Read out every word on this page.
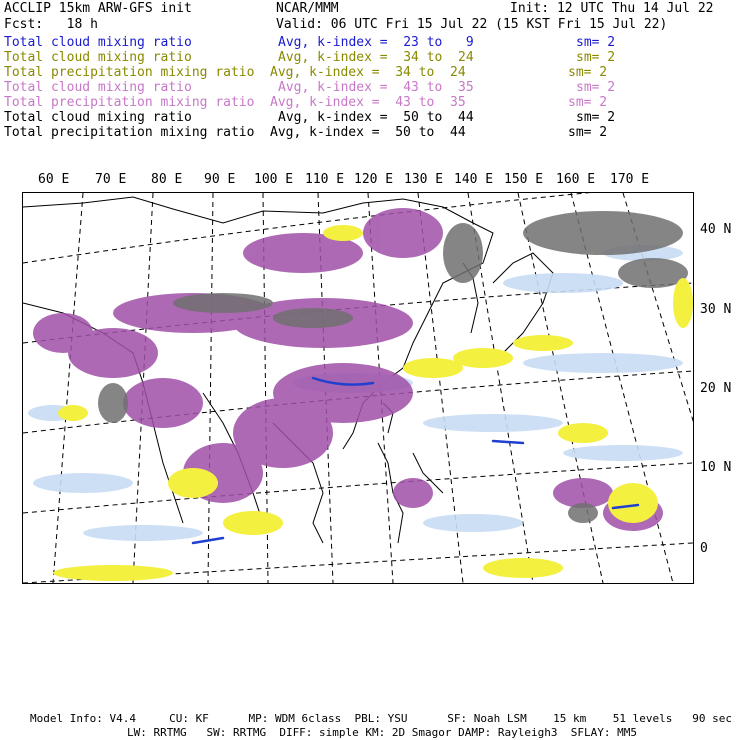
ACCLIP 15km ARW-GFS init	NCAR/MMM	Init: 12 UTC Thu 14 Jul 22
Fcst:   18 h	Valid: 06 UTC Fri 15 Jul 22 (15 KST Fri 15 Jul 22)
Total cloud mixing ratio	Avg, k-index =  23 to   9	sm= 2
Total cloud mixing ratio	Avg, k-index =  34 to  24	sm= 2
Total precipitation mixing ratio Avg, k-index =  34 to  24	sm= 2
Total cloud mixing ratio	Avg, k-index =  43 to  35	sm= 2
Total precipitation mixing ratio Avg, k-index =  43 to  35	sm= 2
Total cloud mixing ratio	Avg, k-index =  50 to  44	sm= 2
Total precipitation mixing ratio Avg, k-index =  50 to  44	sm= 2
60 E 70 E 80 E 90 E 100 E 110 E 120 E 130 E 140 E 150 E 160 E 170 E
40 N
30 N
20 N
10 N
0
Model Info: V4.4     CU: KF      MP: WDM 6class  PBL: YSU      SF: Noah LSM    15 km    51 levels   90 sec
LW: RRTMG   SW: RRTMG  DIFF: simple KM: 2D Smagor DAMP: Rayleigh3  SFLAY: MM5
